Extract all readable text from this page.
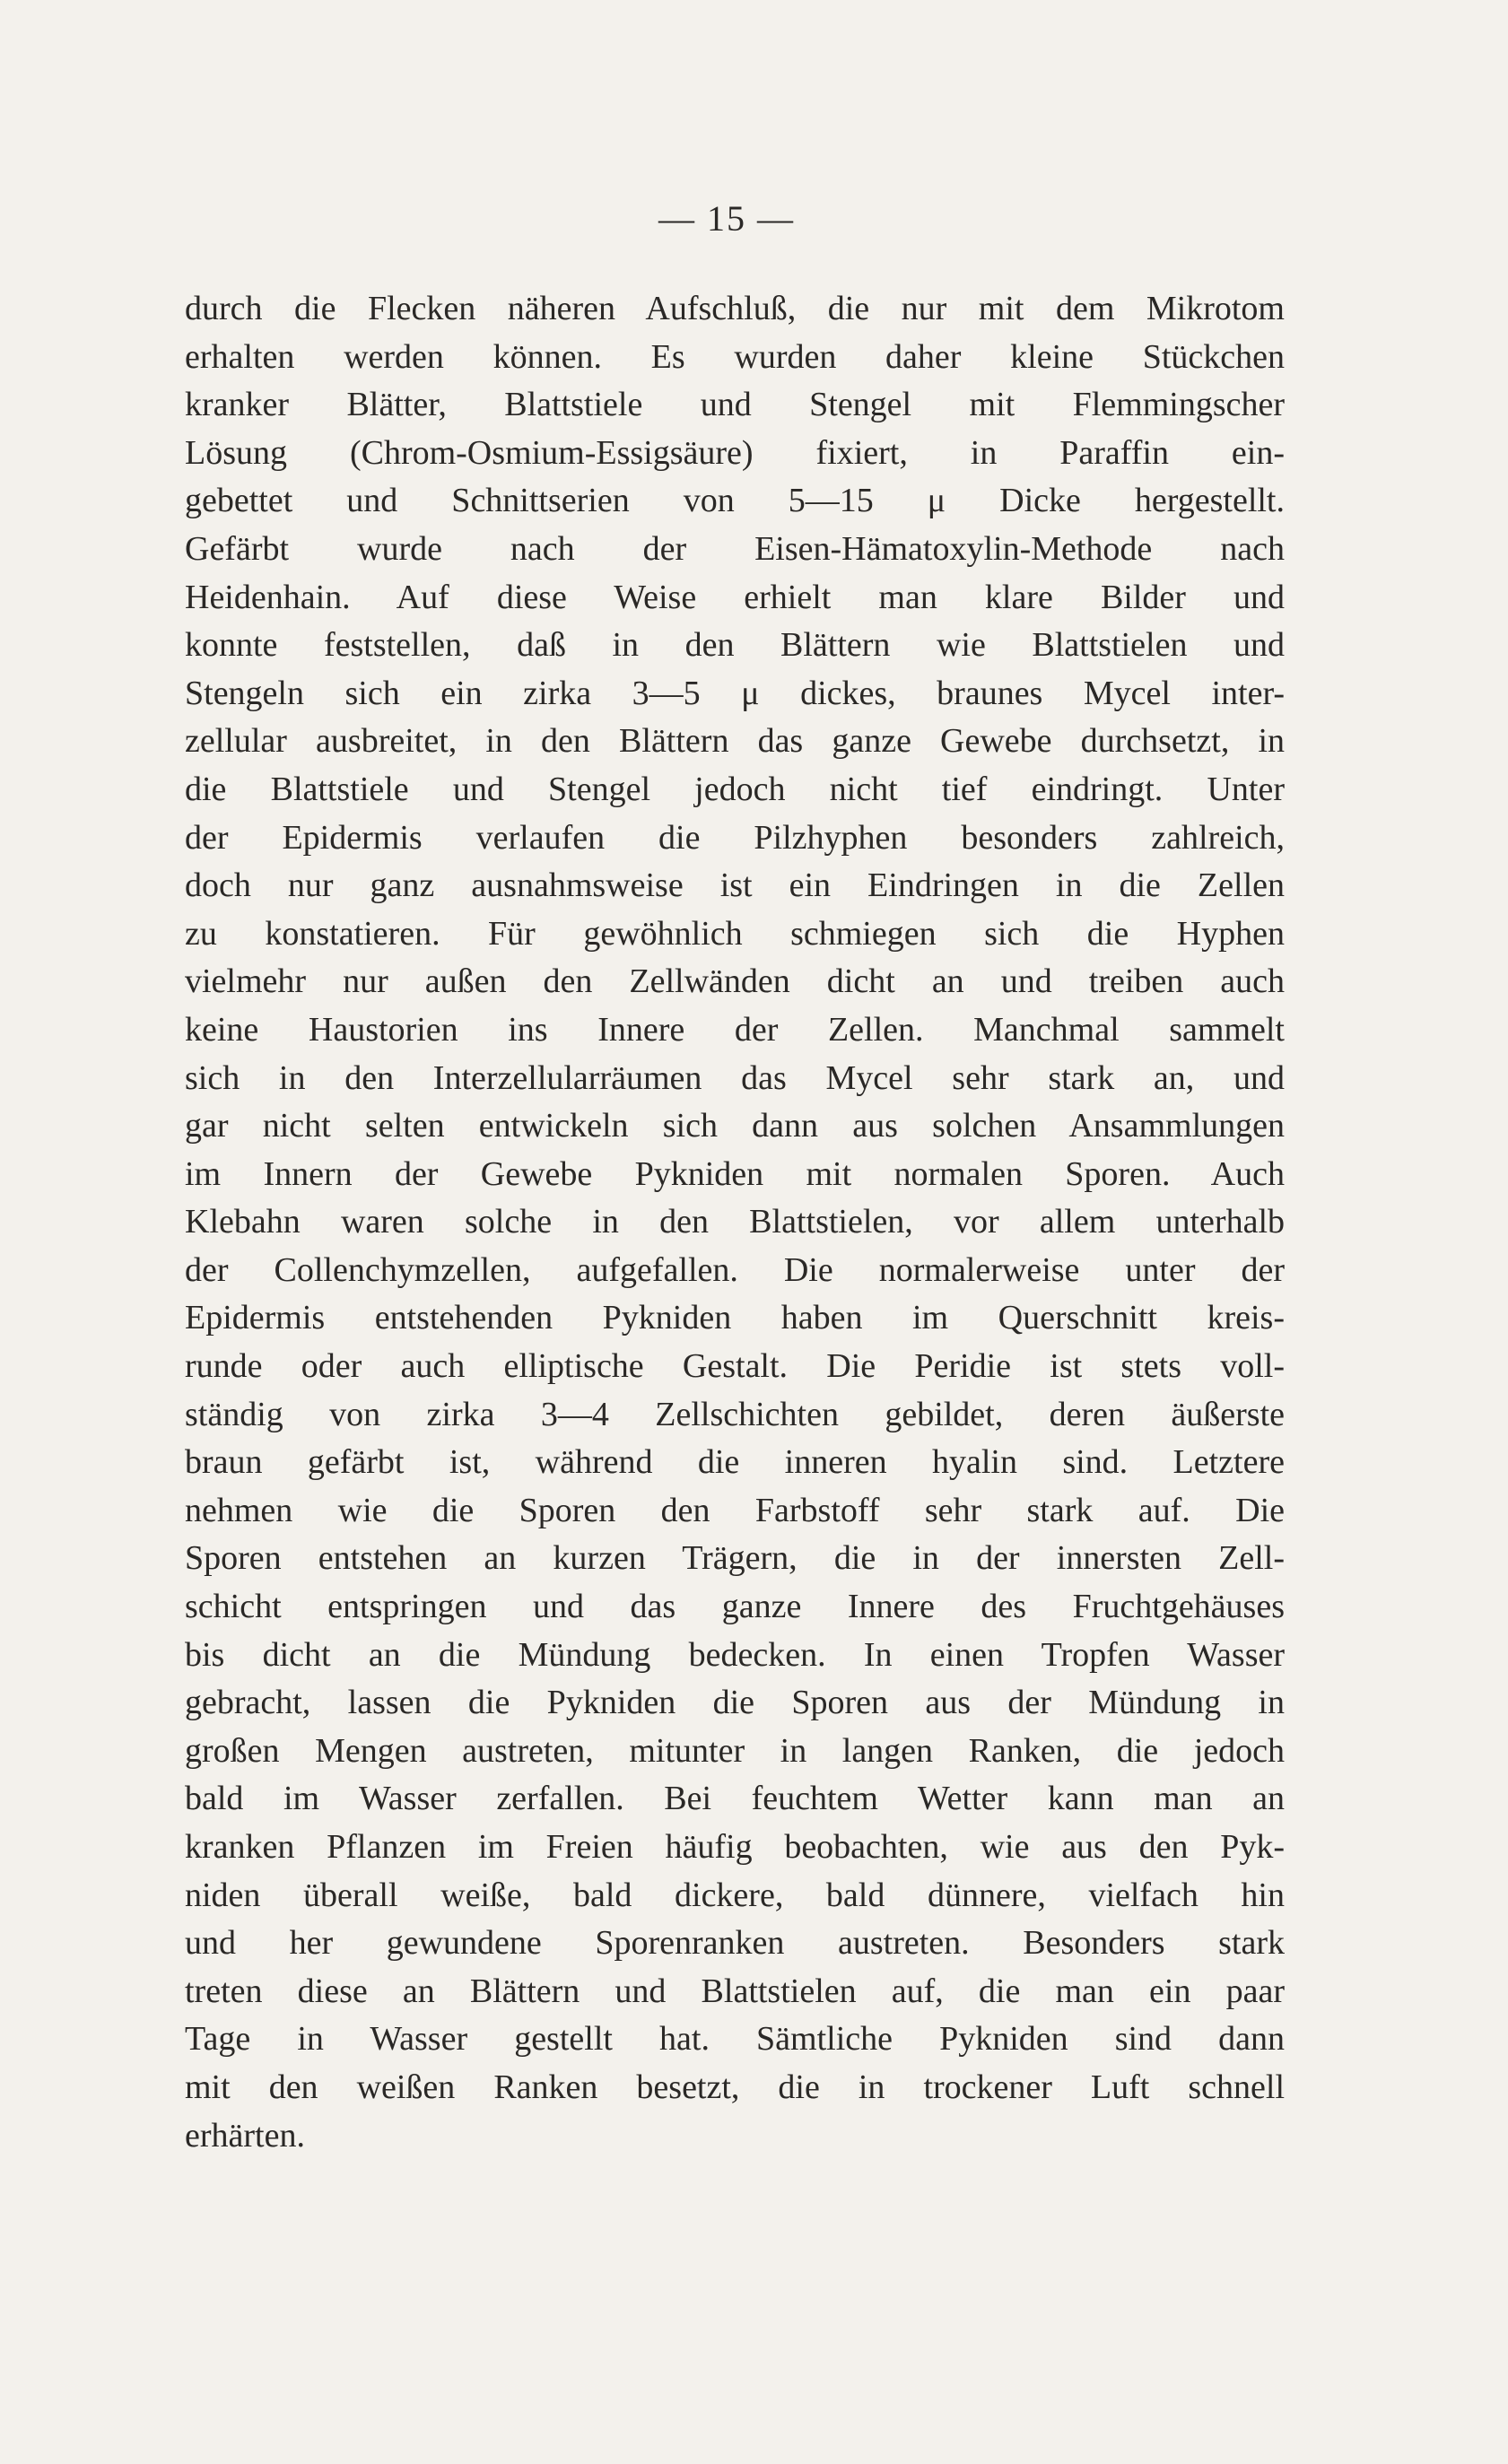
— 15 —
durch die Flecken näheren Aufschluß, die nur mit dem Mikrotom
erhalten werden können. Es wurden daher kleine Stückchen
kranker Blätter, Blattstiele und Stengel mit Flemmingscher
Lösung (Chrom-Osmium-Essigsäure) fixiert, in Paraffin ein-
gebettet und Schnittserien von 5—15 μ Dicke hergestellt.
Gefärbt wurde nach der Eisen-Hämatoxylin-Methode nach
Heidenhain. Auf diese Weise erhielt man klare Bilder und
konnte feststellen, daß in den Blättern wie Blattstielen und
Stengeln sich ein zirka 3—5 μ dickes, braunes Mycel inter-
zellular ausbreitet, in den Blättern das ganze Gewebe durchsetzt, in
die Blattstiele und Stengel jedoch nicht tief eindringt. Unter
der Epidermis verlaufen die Pilzhyphen besonders zahlreich,
doch nur ganz ausnahmsweise ist ein Eindringen in die Zellen
zu konstatieren. Für gewöhnlich schmiegen sich die Hyphen
vielmehr nur außen den Zellwänden dicht an und treiben auch
keine Haustorien ins Innere der Zellen. Manchmal sammelt
sich in den Interzellularräumen das Mycel sehr stark an, und
gar nicht selten entwickeln sich dann aus solchen Ansammlungen
im Innern der Gewebe Pykniden mit normalen Sporen. Auch
Klebahn waren solche in den Blattstielen, vor allem unterhalb
der Collenchymzellen, aufgefallen. Die normalerweise unter der
Epidermis entstehenden Pykniden haben im Querschnitt kreis-
runde oder auch elliptische Gestalt. Die Peridie ist stets voll-
ständig von zirka 3—4 Zellschichten gebildet, deren äußerste
braun gefärbt ist, während die inneren hyalin sind. Letztere
nehmen wie die Sporen den Farbstoff sehr stark auf. Die
Sporen entstehen an kurzen Trägern, die in der innersten Zell-
schicht entspringen und das ganze Innere des Fruchtgehäuses
bis dicht an die Mündung bedecken. In einen Tropfen Wasser
gebracht, lassen die Pykniden die Sporen aus der Mündung in
großen Mengen austreten, mitunter in langen Ranken, die jedoch
bald im Wasser zerfallen. Bei feuchtem Wetter kann man an
kranken Pflanzen im Freien häufig beobachten, wie aus den Pyk-
niden überall weiße, bald dickere, bald dünnere, vielfach hin
und her gewundene Sporenranken austreten. Besonders stark
treten diese an Blättern und Blattstielen auf, die man ein paar
Tage in Wasser gestellt hat. Sämtliche Pykniden sind dann
mit den weißen Ranken besetzt, die in trockener Luft schnell
erhärten.
